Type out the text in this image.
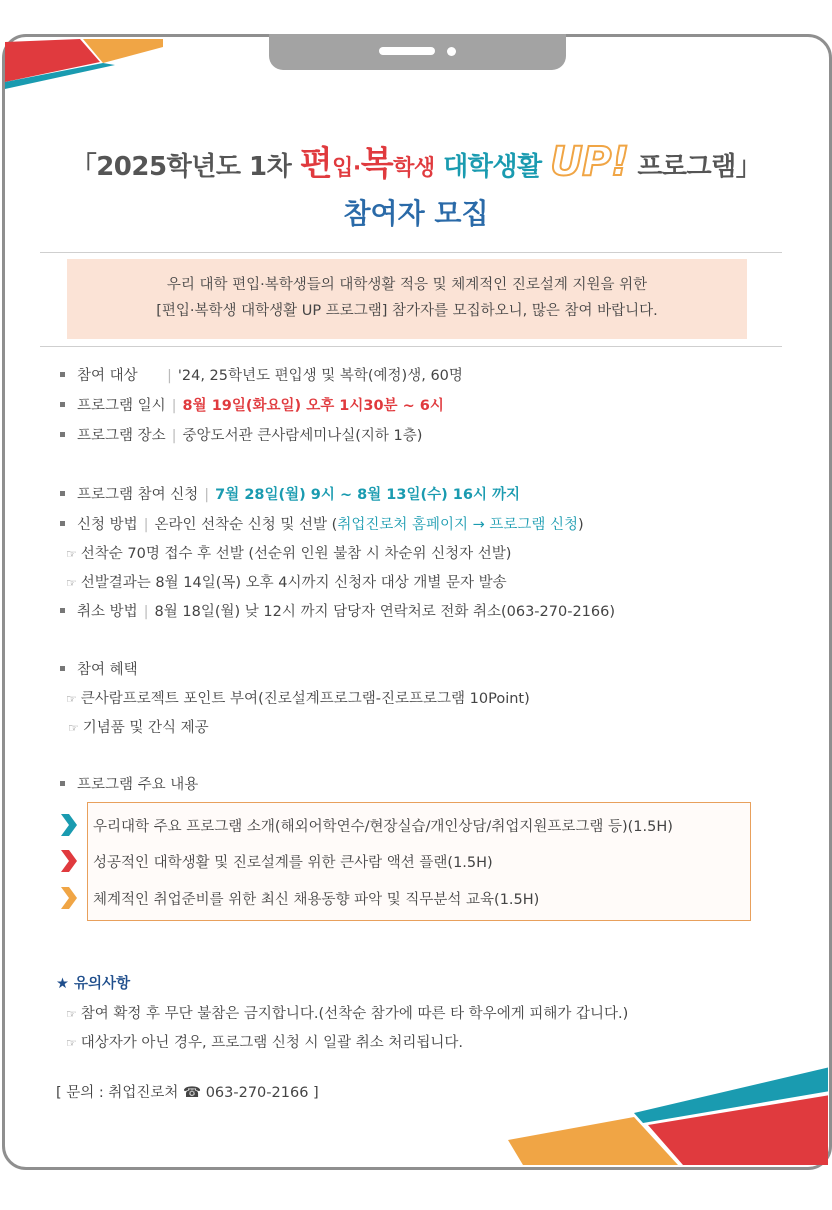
「2025학년도 1차 편입·복학생 대학생활 UP! 프로그램」
참여자 모집
우리 대학 편입·복학생들의 대학생활 적응 및 체계적인 진로설계 지원을 위한
[편입·복학생 대학생활 UP 프로그램] 참가자를 모집하오니, 많은 참여 바랍니다.
참여 대상 | '24, 25학년도 편입생 및 복학(예정)생, 60명
프로그램 일시 | 8월 19일(화요일) 오후 1시30분 ~ 6시
프로그램 장소 | 중앙도서관 큰사람세미나실(지하 1층)
프로그램 참여 신청 | 7월 28일(월) 9시 ~ 8월 13일(수) 16시 까지
신청 방법 | 온라인 선착순 신청 및 선발 (취업진로처 홈페이지 → 프로그램 신청)
☞ 선착순 70명 접수 후 선발 (선순위 인원 불참 시 차순위 신청자 선발)
☞ 선발결과는 8월 14일(목) 오후 4시까지 신청자 대상 개별 문자 발송
취소 방법 | 8월 18일(월) 낮 12시 까지 담당자 연락처로 전화 취소(063-270-2166)
참여 혜택
☞ 큰사람프로젝트 포인트 부여(진로설계프로그램-진로프로그램 10Point)
☞ 기념품 및 간식 제공
프로그램 주요 내용
우리대학 주요 프로그램 소개(해외어학연수/현장실습/개인상담/취업지원프로그램 등)(1.5H)
성공적인 대학생활 및 진로설계를 위한 큰사람 액션 플랜(1.5H)
체계적인 취업준비를 위한 최신 채용동향 파악 및 직무분석 교육(1.5H)
★ 유의사항
☞ 참여 확정 후 무단 불참은 금지합니다.(선착순 참가에 따른 타 학우에게 피해가 갑니다.)
☞ 대상자가 아닌 경우, 프로그램 신청 시 일괄 취소 처리됩니다.
[ 문의 : 취업진로처 ☎ 063-270-2166 ]
